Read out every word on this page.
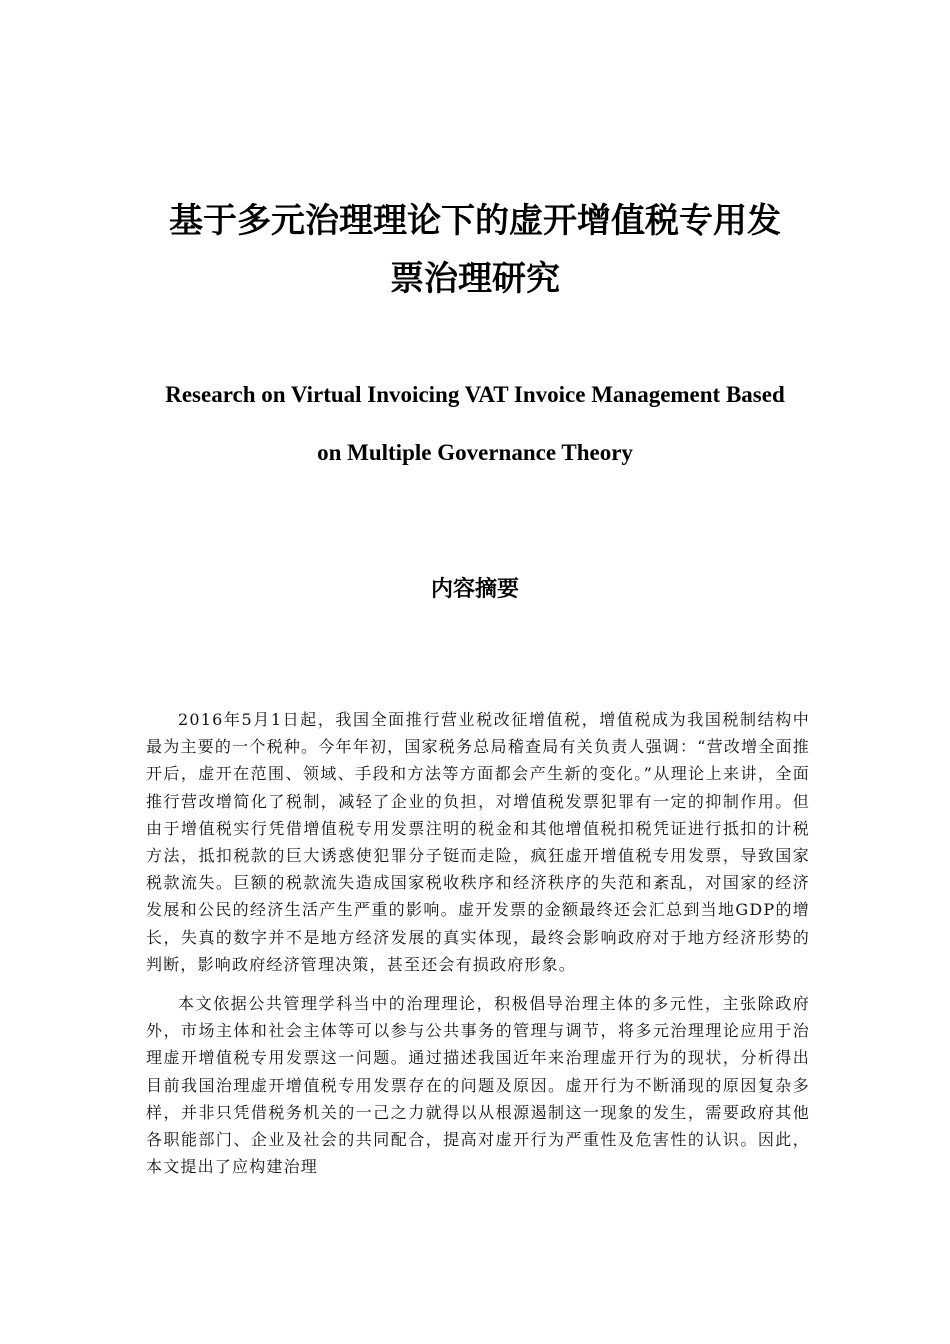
基于多元治理理论下的虚开增值税专用发
票治理研究
Research on Virtual Invoicing VAT Invoice Management Based
on Multiple Governance Theory
内容摘要

2016年5月1日起，我国全面推行营业税改征增值税，增值税成为我国税制结构中最为主要的一个税种。今年年初，国家税务总局稽查局有关负责人强调：“营改增全面推开后，虚开在范围、领域、手段和方法等方面都会产生新的变化。”从理论上来讲，全面推行营改增简化了税制，减轻了企业的负担，对增值税发票犯罪有一定的抑制作用。但由于增值税实行凭借增值税专用发票注明的税金和其他增值税扣税凭证进行抵扣的计税方法，抵扣税款的巨大诱惑使犯罪分子铤而走险，疯狂虚开增值税专用发票，导致国家税款流失。巨额的税款流失造成国家税收秩序和经济秩序的失范和紊乱，对国家的经济发展和公民的经济生活产生严重的影响。虚开发票的金额最终还会汇总到当地GDP的增长，失真的数字并不是地方经济发展的真实体现，最终会影响政府对于地方经济形势的判断，影响政府经济管理决策，甚至还会有损政府形象。

本文依据公共管理学科当中的治理理论，积极倡导治理主体的多元性，主张除政府外，市场主体和社会主体等可以参与公共事务的管理与调节，将多元治理理论应用于治理虚开增值税专用发票这一问题。通过描述我国近年来治理虚开行为的现状，分析得出目前我国治理虚开增值税专用发票存在的问题及原因。虚开行为不断涌现的原因复杂多样，并非只凭借税务机关的一己之力就得以从根源遏制这一现象的发生，需要政府其他各职能部门、企业及社会的共同配合，提高对虚开行为严重性及危害性的认识。因此，本文提出了应构建治理
